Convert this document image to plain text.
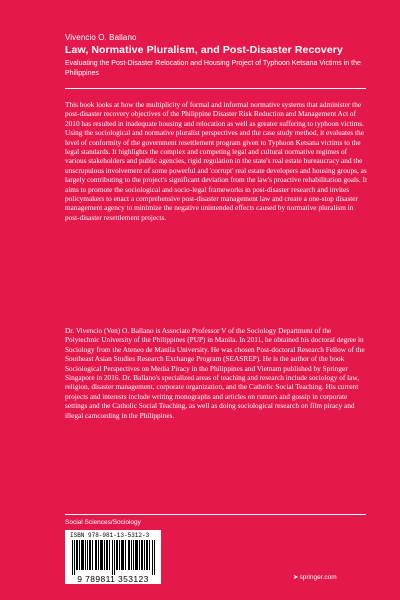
Vivencio O. Ballano
Law, Normative Pluralism, and Post-Disaster Recovery
Evaluating the Post-Disaster Relocation and Housing Project of Typhoon Ketsana Victims in the Philippines

This book looks at how the multiplicity of formal and informal normative systems that administer the post-disaster recovery objectives of the Philippine Disaster Risk Reduction and Management Act of 2010 has resulted in inadequate housing and relocation as well as greater suffering to typhoon victims. Using the sociological and normative pluralist perspectives and the case study method, it evaluates the level of conformity of the government resettlement program given to Typhoon Ketsana victims to the legal standards. It highlights the complex and competing legal and cultural normative regimes of various stakeholders and public agencies, rigid regulation in the state's real estate bureaucracy and the unscrupulous involvement of some powerful and 'corrupt' real estate developers and housing groups, as largely contributing to the project's significant deviation from the law's proactive rehabilitation goals. It aims to promote the sociological and socio-legal frameworks in post-disaster research and invites policymakers to enact a comprehensive post-disaster management law and create a one-stop disaster management agency to minimize the negative unintended effects caused by normative pluralism in post-disaster resettlement projects.

Dr. Vivencio (Ven) O. Ballano is Associate Professor V of the Sociology Department of the Polytechnic University of the Philippines (PUP) in Manila. In 2011, he obtained his doctoral degree in Sociology from the Ateneo de Manila University. He was chosen Post-doctoral Research Fellow of the Southeast Asian Studies Research Exchange Program (SEASREP). He is the author of the book Sociological Perspectives on Media Piracy in the Philippines and Vietnam published by Springer Singapore in 2016. Dr. Ballano's specialized areas of teaching and research include sociology of law, religion, disaster management, corporate organization, and the Catholic Social Teaching. His current projects and interests include writing monographs and articles on rumors and gossip in corporate settings and the Catholic Social Teaching, as well as doing sociological research on film piracy and illegal camcording in the Philippines.

Social Sciences/Sociology
ISBN 978-981-13-5312-3
9 789811 353123	➤springer.com
